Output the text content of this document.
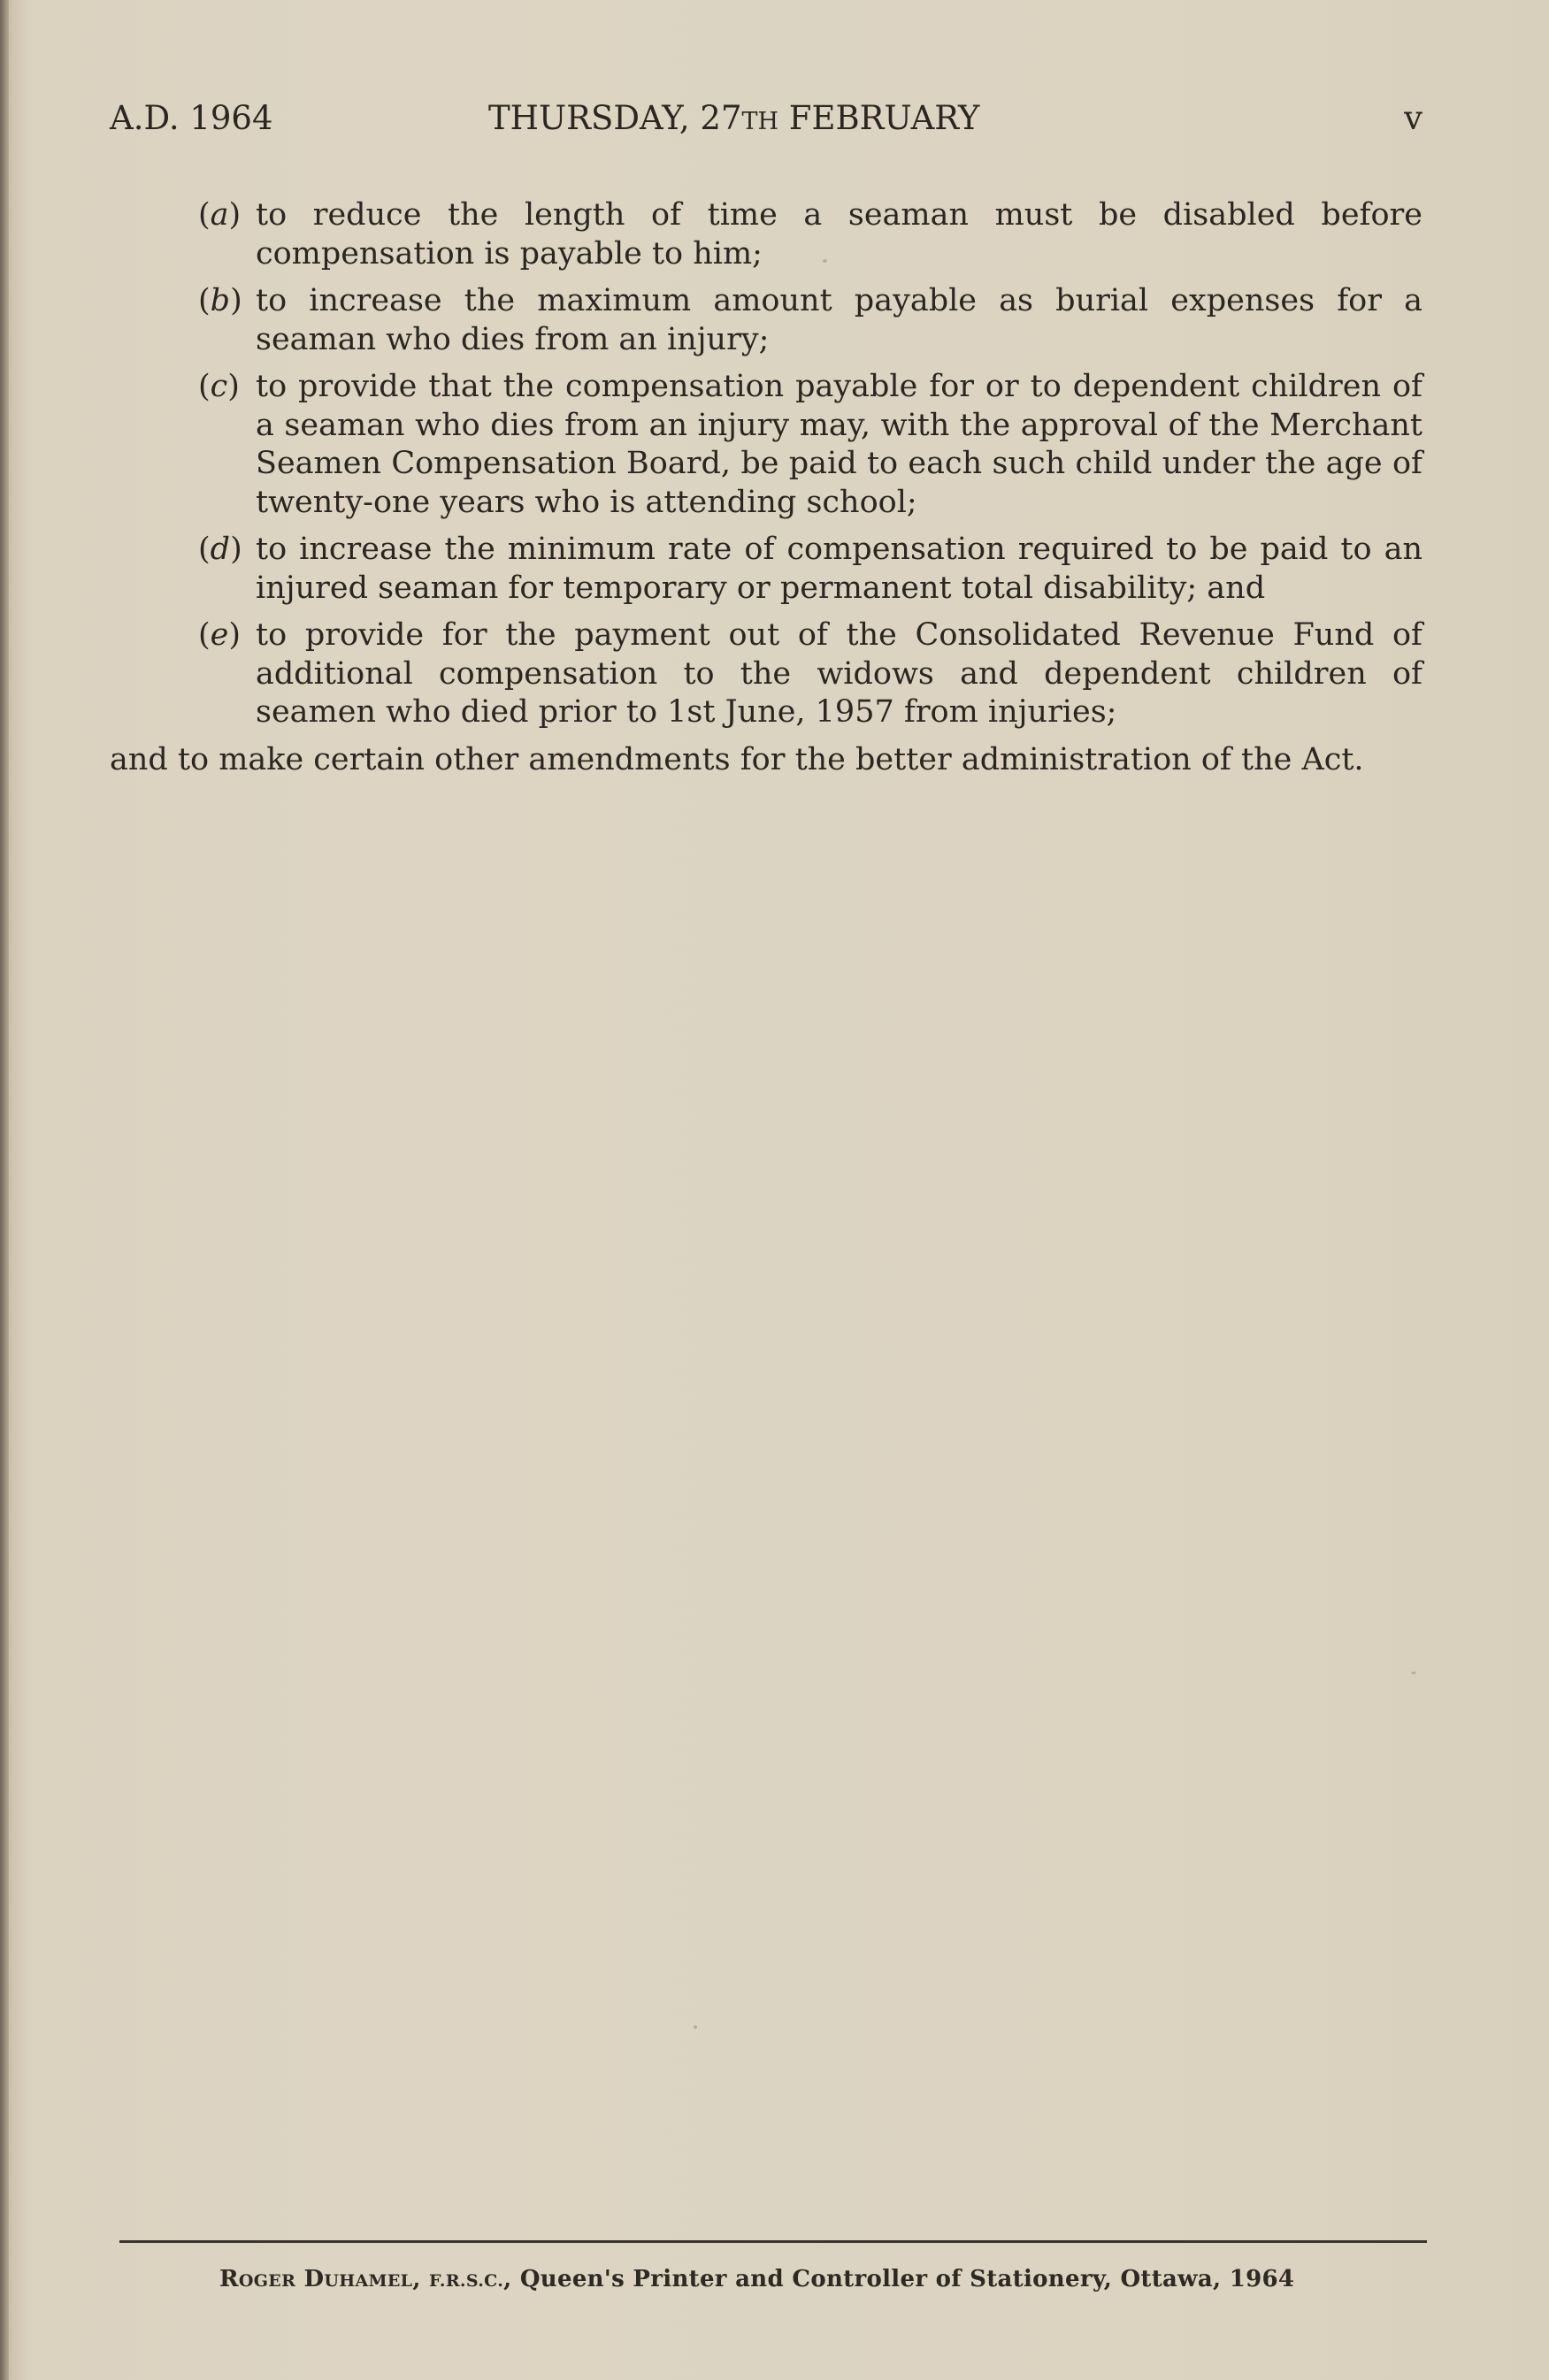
A.D. 1964	THURSDAY, 27TH FEBRUARY	v
(a) to reduce the length of time a seaman must be disabled before compensation is payable to him;
(b) to increase the maximum amount payable as burial expenses for a seaman who dies from an injury;
(c) to provide that the compensation payable for or to dependent children of a seaman who dies from an injury may, with the approval of the Merchant Seamen Compensation Board, be paid to each such child under the age of twenty-one years who is attending school;
(d) to increase the minimum rate of compensation required to be paid to an injured seaman for temporary or permanent total disability; and
(e) to provide for the payment out of the Consolidated Revenue Fund of additional compensation to the widows and dependent children of seamen who died prior to 1st June, 1957 from injuries;
and to make certain other amendments for the better administration of the Act.
ROGER DUHAMEL, F.R.S.C., Queen's Printer and Controller of Stationery, Ottawa, 1964
